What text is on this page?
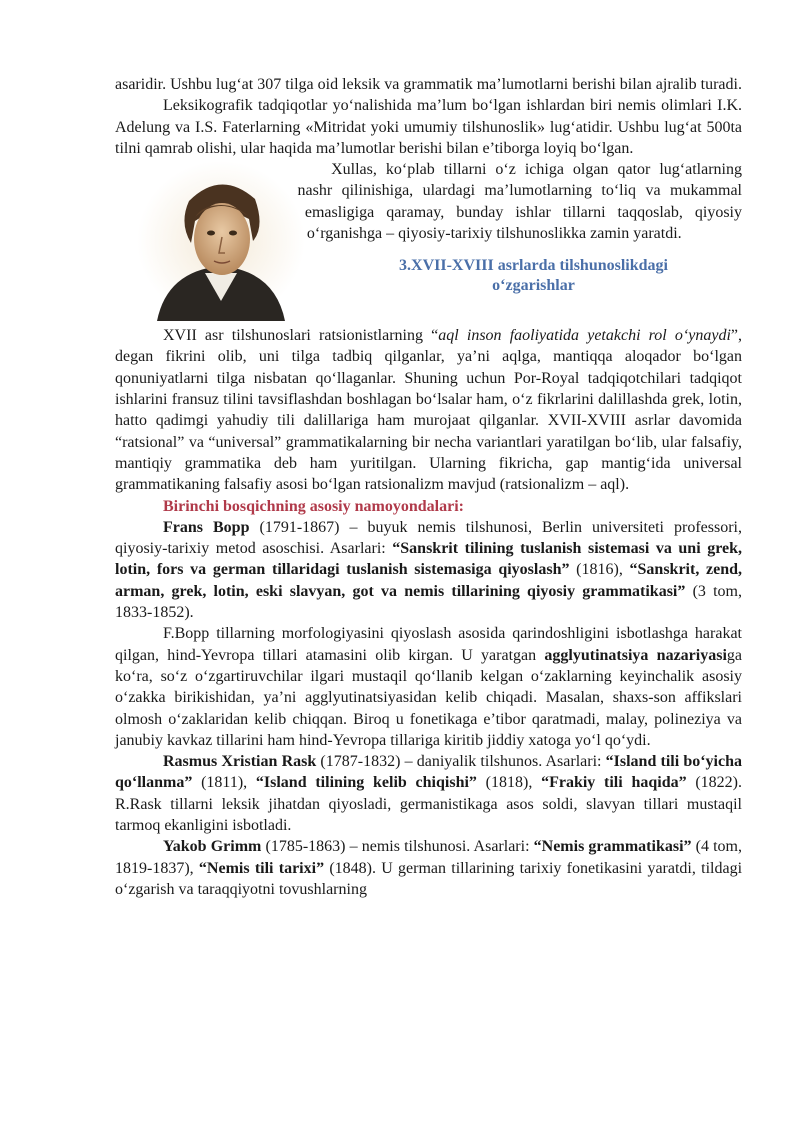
asaridir. Ushbu lug‘at 307 tilga oid leksik va grammatik ma’lumotlarni berishi bilan ajralib turadi.

Leksikografik tadqiqotlar yo‘nalishida ma’lum bo‘lgan ishlardan biri nemis olimlari I.K. Adelung va I.S. Faterlarning «Mitridat yoki umumiy tilshunoslik» lug‘atidir. Ushbu lug‘at 500ta tilni qamrab olishi, ular haqida ma’lumotlar berishi bilan e’tiborga loyiq bo‘lgan.

Xullas, ko‘plab tillarni o‘z ichiga olgan qator lug‘atlarning nashr qilinishiga, ulardagi ma’lumotlarning to‘liq va mukammal emasligiga qaramay, bunday ishlar tillarni taqqoslab, qiyosiy o‘rganishga – qiyosiy-tarixiy tilshunoslikka zamin yaratdi.

3.XVII-XVIII asrlarda tilshunoslikdagi
o‘zgarishlar

XVII asr tilshunoslari ratsionistlarning “aql inson faoliyatida yetakchi rol o‘ynaydi”, degan fikrini olib, uni tilga tadbiq qilganlar, ya’ni aqlga, mantiqqa aloqador bo‘lgan qonuniyatlarni tilga nisbatan qo‘llaganlar. Shuning uchun Por-Royal tadqiqotchilari tadqiqot ishlarini fransuz tilini tavsiflashdan boshlagan bo‘lsalar ham, o‘z fikrlarini dalillashda grek, lotin, hatto qadimgi yahudiy tili dalillariga ham murojaat qilganlar. XVII-XVIII asrlar davomida “ratsional” va “universal” grammatikalarning bir necha variantlari yaratilgan bo‘lib, ular falsafiy, mantiqiy grammatika deb ham yuritilgan. Ularning fikricha, gap mantig‘ida universal grammatikaning falsafiy asosi bo‘lgan ratsionalizm mavjud (ratsionalizm – aql).

Birinchi bosqichning asosiy namoyondalari:

Frans Bopp (1791-1867) – buyuk nemis tilshunosi, Berlin universiteti professori, qiyosiy-tarixiy metod asoschisi. Asarlari: “Sanskrit tilining tuslanish sistemasi va uni grek, lotin, fors va german tillaridagi tuslanish sistemasiga qiyoslash” (1816), “Sanskrit, zend, arman, grek, lotin, eski slavyan, got va nemis tillarining qiyosiy grammatikasi” (3 tom, 1833-1852).

F.Bopp tillarning morfologiyasini qiyoslash asosida qarindoshligini isbotlashga harakat qilgan, hind-Yevropa tillari atamasini olib kirgan. U yaratgan agglyutinatsiya nazariyasiga ko‘ra, so‘z o‘zgartiruvchilar ilgari mustaqil qo‘llanib kelgan o‘zaklarning keyinchalik asosiy o‘zakka birikishidan, ya’ni agglyutinatsiyasidan kelib chiqadi. Masalan, shaxs-son affikslari olmosh o‘zaklaridan kelib chiqqan. Biroq u fonetikaga e’tibor qaratmadi, malay, polineziya va janubiy kavkaz tillarini ham hind-Yevropa tillariga kiritib jiddiy xatoga yo‘l qo‘ydi.

Rasmus Xristian Rask (1787-1832) – daniyalik tilshunos. Asarlari: “Island tili bo‘yicha qo‘llanma” (1811), “Island tilining kelib chiqishi” (1818), “Frakiy tili haqida” (1822). R.Rask tillarni leksik jihatdan qiyosladi, germanistikaga asos soldi, slavyan tillari mustaqil tarmoq ekanligini isbotladi.

Yakob Grimm (1785-1863) – nemis tilshunosi. Asarlari: “Nemis grammatikasi” (4 tom, 1819-1837), “Nemis tili tarixi” (1848). U german tillarining tarixiy fonetikasini yaratdi, tildagi o‘zgarish va taraqqiyotni tovushlarning
